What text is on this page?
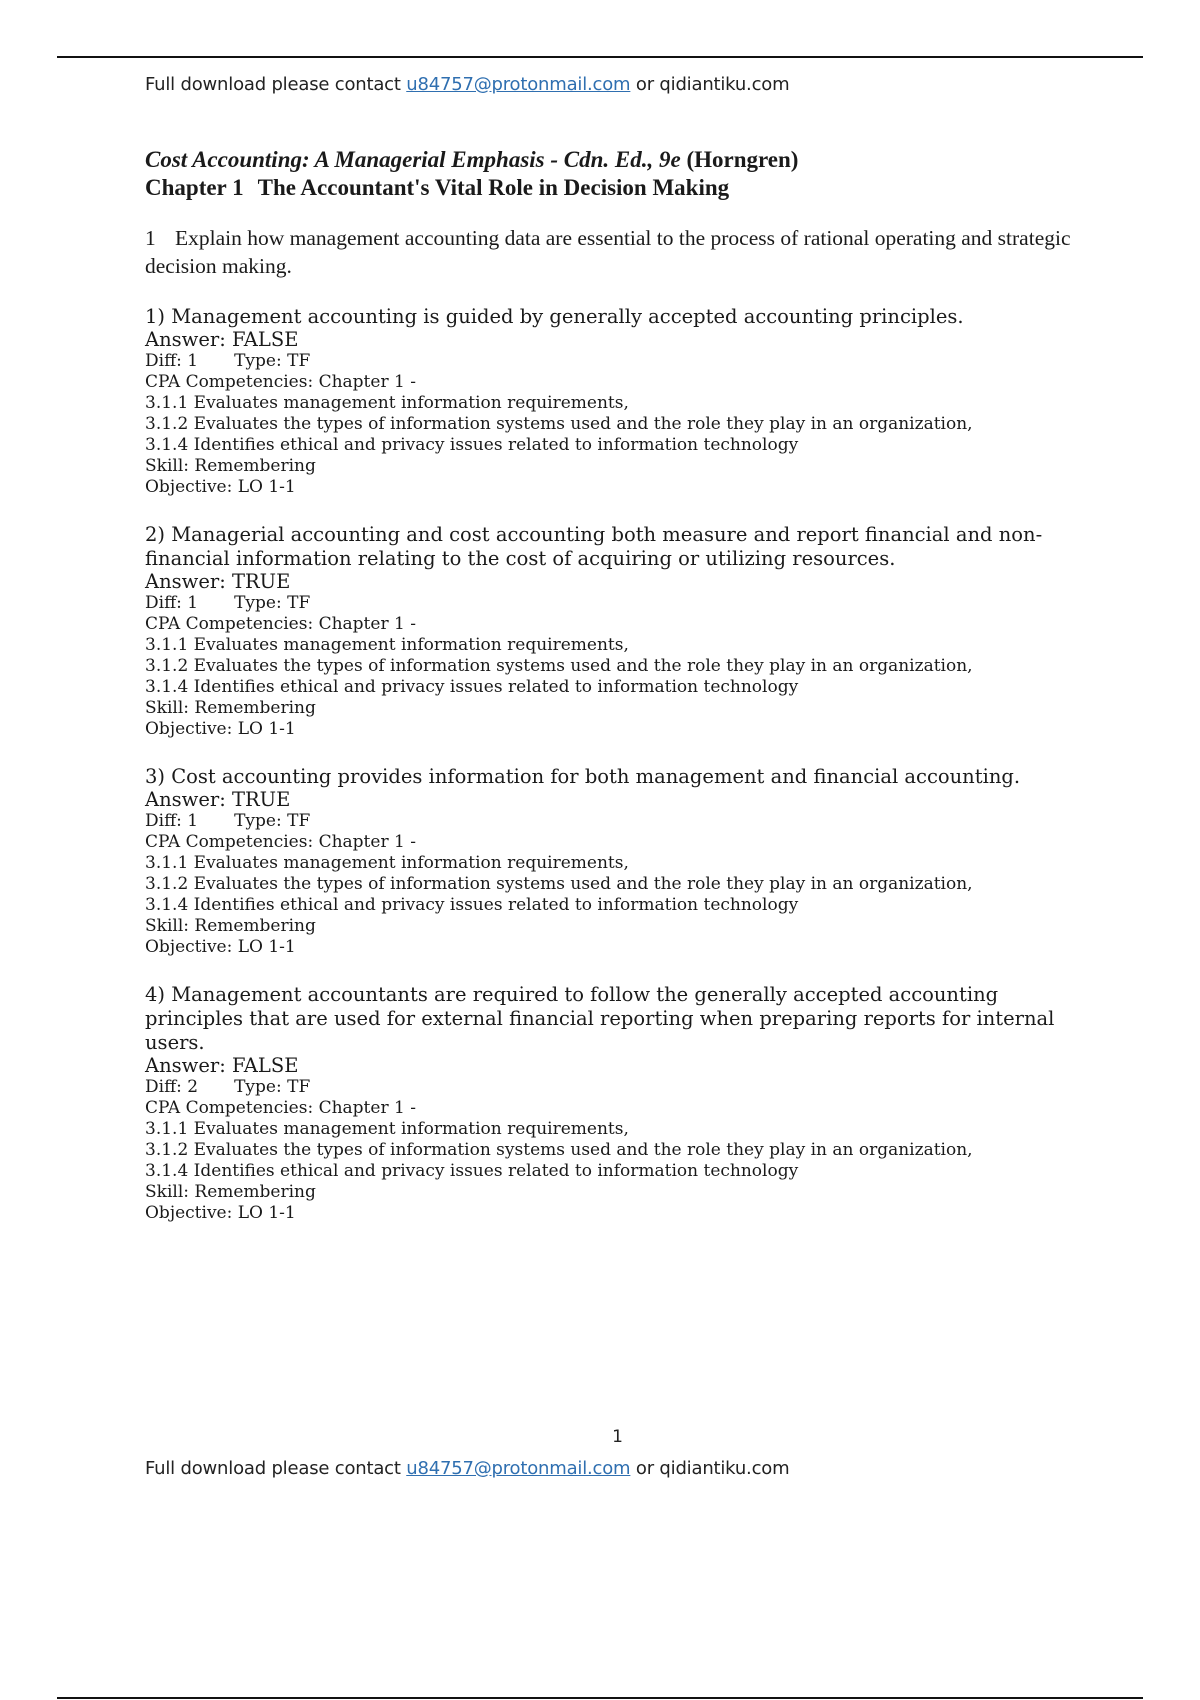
Full download please contact u84757@protonmail.com or qidiantiku.com

Cost Accounting: A Managerial Emphasis - Cdn. Ed., 9e (Horngren)

Chapter 1 The Accountant's Vital Role in Decision Making

1 Explain how management accounting data are essential to the process of rational operating and strategic decision making.

1) Management accounting is guided by generally accepted accounting principles.

Answer: FALSE

Diff: 1 Type: TF

CPA Competencies: Chapter 1 -

3.1.1 Evaluates management information requirements,

3.1.2 Evaluates the types of information systems used and the role they play in an organization,

3.1.4 Identifies ethical and privacy issues related to information technology

Skill: Remembering

Objective: LO 1-1

2) Managerial accounting and cost accounting both measure and report financial and non-financial information relating to the cost of acquiring or utilizing resources.

Answer: TRUE

Diff: 1 Type: TF

CPA Competencies: Chapter 1 -

3.1.1 Evaluates management information requirements,

3.1.2 Evaluates the types of information systems used and the role they play in an organization,

3.1.4 Identifies ethical and privacy issues related to information technology

Skill: Remembering

Objective: LO 1-1

3) Cost accounting provides information for both management and financial accounting.

Answer: TRUE

Diff: 1 Type: TF

CPA Competencies: Chapter 1 -

3.1.1 Evaluates management information requirements,

3.1.2 Evaluates the types of information systems used and the role they play in an organization,

3.1.4 Identifies ethical and privacy issues related to information technology

Skill: Remembering

Objective: LO 1-1

4) Management accountants are required to follow the generally accepted accounting principles that are used for external financial reporting when preparing reports for internal users.

Answer: FALSE

Diff: 2 Type: TF

CPA Competencies: Chapter 1 -

3.1.1 Evaluates management information requirements,

3.1.2 Evaluates the types of information systems used and the role they play in an organization,

3.1.4 Identifies ethical and privacy issues related to information technology

Skill: Remembering

Objective: LO 1-1

1
Full download please contact u84757@protonmail.com or qidiantiku.com
